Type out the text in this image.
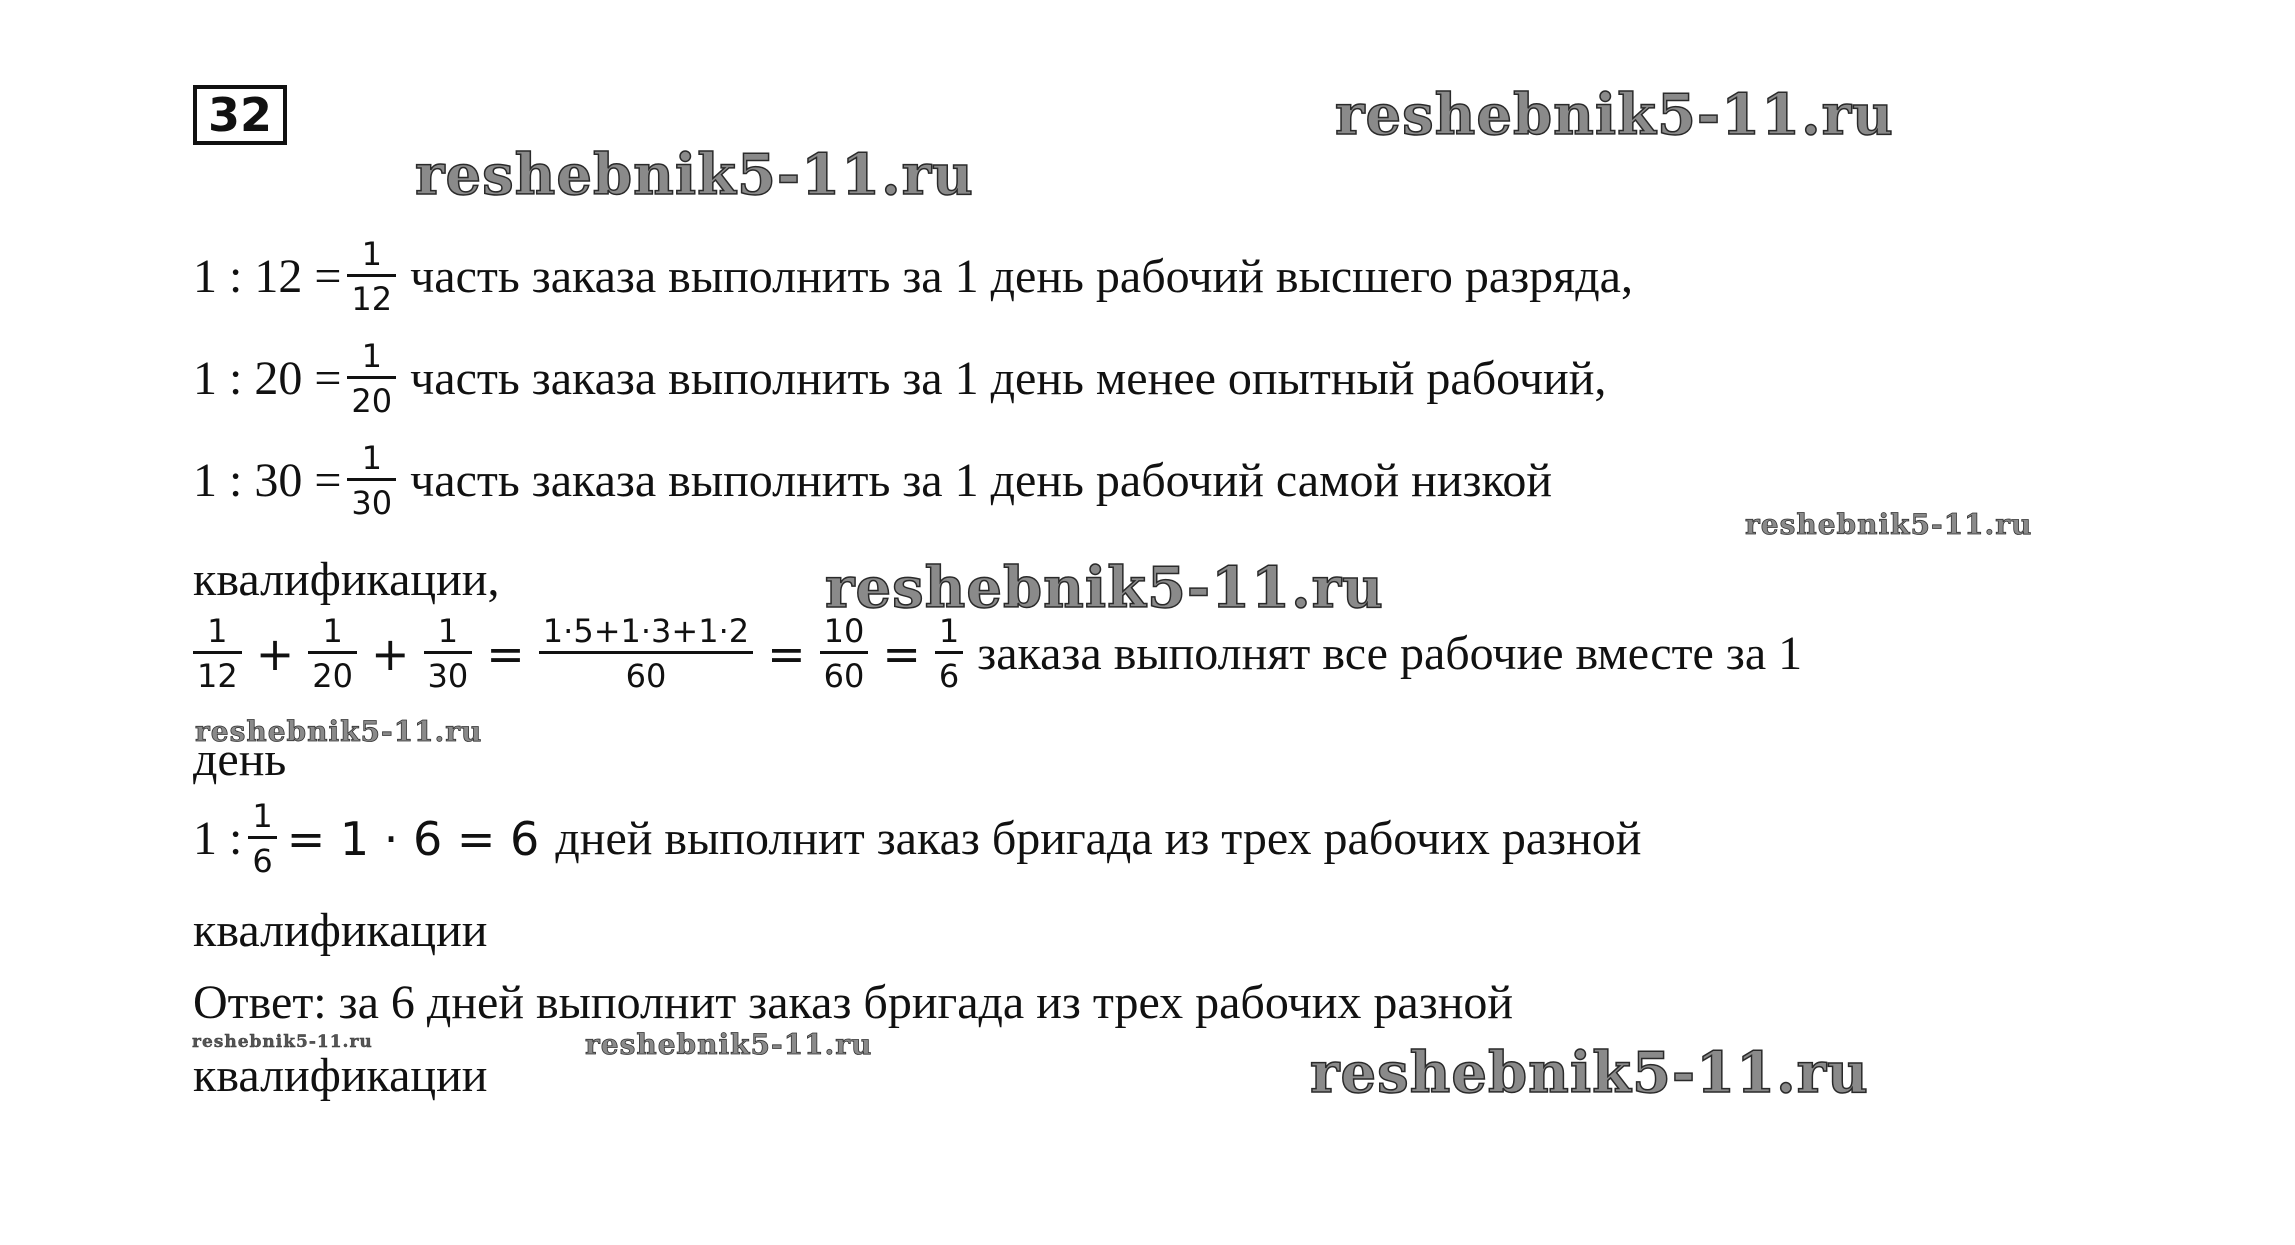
32	reshebnik5-11.ru
reshebnik5-11.ru
reshebnik5-11.ru
reshebnik5-11.ru
reshebnik5-11.ru
reshebnik5-11.ru	reshebnik5-11.ru	reshebnik5-11.ru
1 : $12 = \frac{1}{12}$ часть заказа выполнить за 1 день рабочий высшего разряда,
1 : $20 = \frac{1}{20}$ часть заказа выполнить за 1 день менее опытный рабочий,
1 : $30 = \frac{1}{30}$ часть заказа выполнить за 1 день рабочий самой низкой
квалификации,
$\frac{1}{12} + \frac{1}{20} + \frac{1}{30} = \frac{1\cdot 5+1\cdot 3+1\cdot 2}{60} = \frac{10}{60} = \frac{1}{6}$ заказа выполнят все рабочие вместе за 1
день
1 : $\frac{1}{6} = 1 \cdot 6 = 6$ дней выполнит заказ бригада из трех рабочих разной
квалификации
Ответ: за 6 дней выполнит заказ бригада из трех рабочих разной
квалификации
